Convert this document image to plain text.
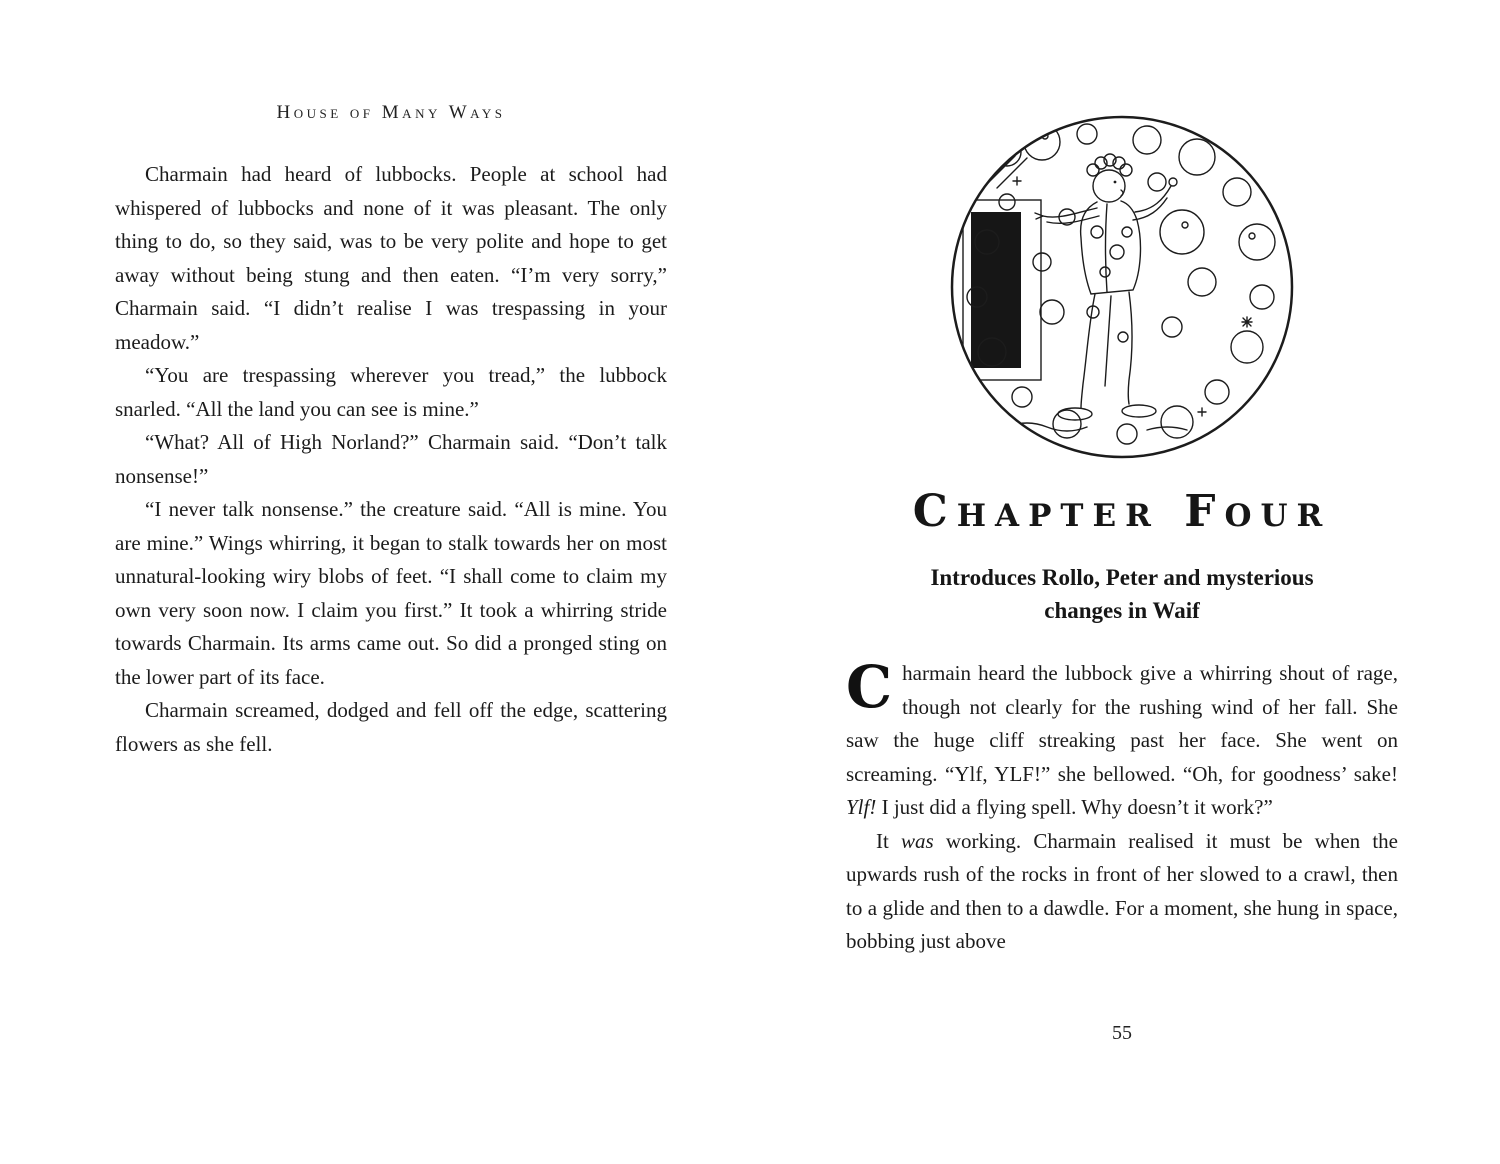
House of Many Ways

Charmain had heard of lubbocks. People at school had whispered of lubbocks and none of it was pleasant. The only thing to do, so they said, was to be very polite and hope to get away without being stung and then eaten. “I’m very sorry,” Charmain said. “I didn’t realise I was trespassing in your meadow.”

“You are trespassing wherever you tread,” the lubbock snarled. “All the land you can see is mine.”

“What? All of High Norland?” Charmain said. “Don’t talk nonsense!”

“I never talk nonsense.” the creature said. “All is mine. You are mine.” Wings whirring, it began to stalk towards her on most unnatural-looking wiry blobs of feet. “I shall come to claim my own very soon now. I claim you first.” It took a whirring stride towards Charmain. Its arms came out. So did a pronged sting on the lower part of its face.

Charmain screamed, dodged and fell off the edge, scattering flowers as she fell.

Chapter Four
Introduces Rollo, Peter and mysterious
changes in Waif

Charmain heard the lubbock give a whirring shout of rage, though not clearly for the rushing wind of her fall. She saw the huge cliff streaking past her face. She went on screaming. “Ylf, YLF!” she bellowed. “Oh, for goodness’ sake! Ylf! I just did a flying spell. Why doesn’t it work?”

It was working. Charmain realised it must be when the upwards rush of the rocks in front of her slowed to a crawl, then to a glide and then to a dawdle. For a moment, she hung in space, bobbing just above

55
